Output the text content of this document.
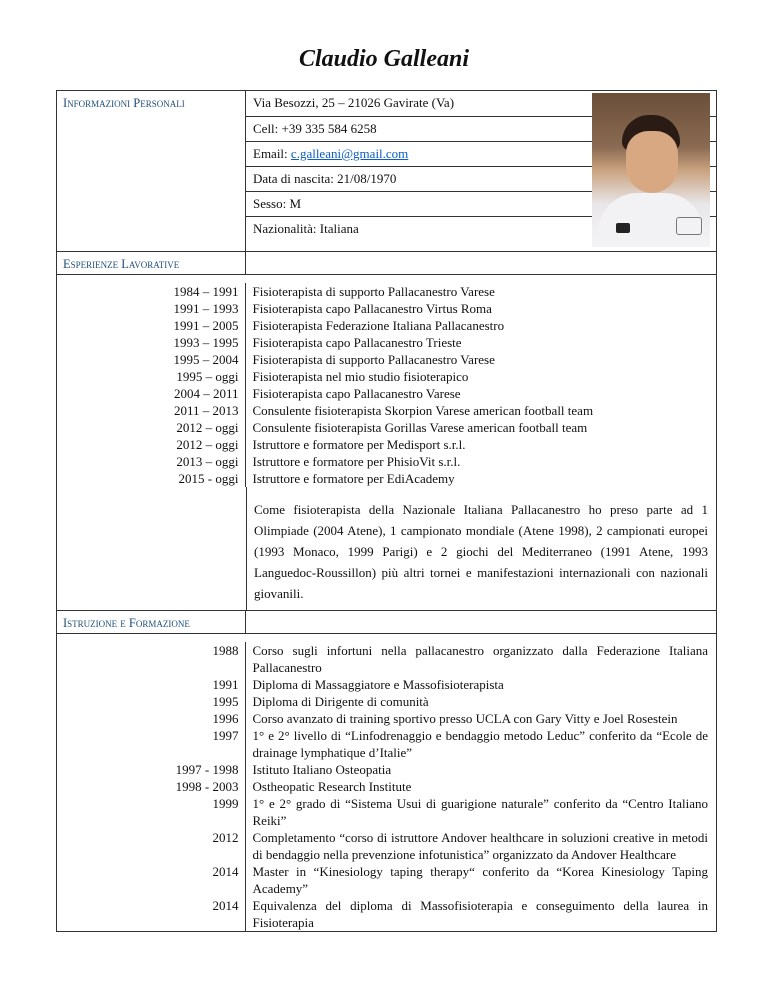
Claudio Galleani
Informazioni Personali	Via Besozzi, 25 – 21026 Gavirate (Va)
Cell: +39 335 584 6258
Email: c.galleani@gmail.com
Data di nascita: 21/08/1970
Sesso: M
Nazionalità: Italiana

Esperienze Lavorative

1984 – 1991	Fisioterapista di supporto Pallacanestro Varese
1991 – 1993	Fisioterapista capo Pallacanestro Virtus Roma
1991 – 2005	Fisioterapista Federazione Italiana Pallacanestro
1993 – 1995	Fisioterapista capo Pallacanestro Trieste
1995 – 2004	Fisioterapista di supporto Pallacanestro Varese
1995 – oggi	Fisioterapista nel mio studio fisioterapico
2004 – 2011	Fisioterapista capo Pallacanestro Varese
2011 – 2013	Consulente fisioterapista Skorpion Varese american football team
2012 – oggi	Consulente fisioterapista Gorillas Varese american football team
2012 – oggi	Istruttore e formatore per Medisport s.r.l.
2013 – oggi	Istruttore e formatore per PhisioVit s.r.l.
2015 - oggi	Istruttore e formatore per EdiAcademy
Come fisioterapista della Nazionale Italiana Pallacanestro ho preso parte ad 1 Olimpiade (2004 Atene), 1 campionato mondiale (Atene 1998), 2 campionati europei (1993 Monaco, 1999 Parigi) e 2 giochi del Mediterraneo (1991 Atene, 1993 Languedoc-Roussillon) più altri tornei e manifestazioni internazionali con nazionali giovanili.

Istruzione e Formazione

1988	Corso sugli infortuni nella pallacanestro organizzato dalla Federazione Italiana Pallacanestro
1991	Diploma di Massaggiatore e Massofisioterapista
1995	Diploma di Dirigente di comunità
1996	Corso avanzato di training sportivo presso UCLA con Gary Vitty e Joel Rosestein
1997	1° e 2° livello di “Linfodrenaggio e bendaggio metodo Leduc” conferito da “Ecole de drainage lymphatique d’Italie”
1997 - 1998	Istituto Italiano Osteopatia
1998 - 2003	Ostheopatic Research Institute
1999	1° e 2° grado di “Sistema Usui di guarigione naturale” conferito da “Centro Italiano Reiki”
2012	Completamento “corso di istruttore Andover healthcare in soluzioni creative in metodi di bendaggio nella prevenzione infotunistica” organizzato da Andover Healthcare
2014	Master in “Kinesiology taping therapy“ conferito da “Korea Kinesiology Taping Academy”
2014	Equivalenza del diploma di Massofisioterapia e conseguimento della laurea in Fisioterapia
